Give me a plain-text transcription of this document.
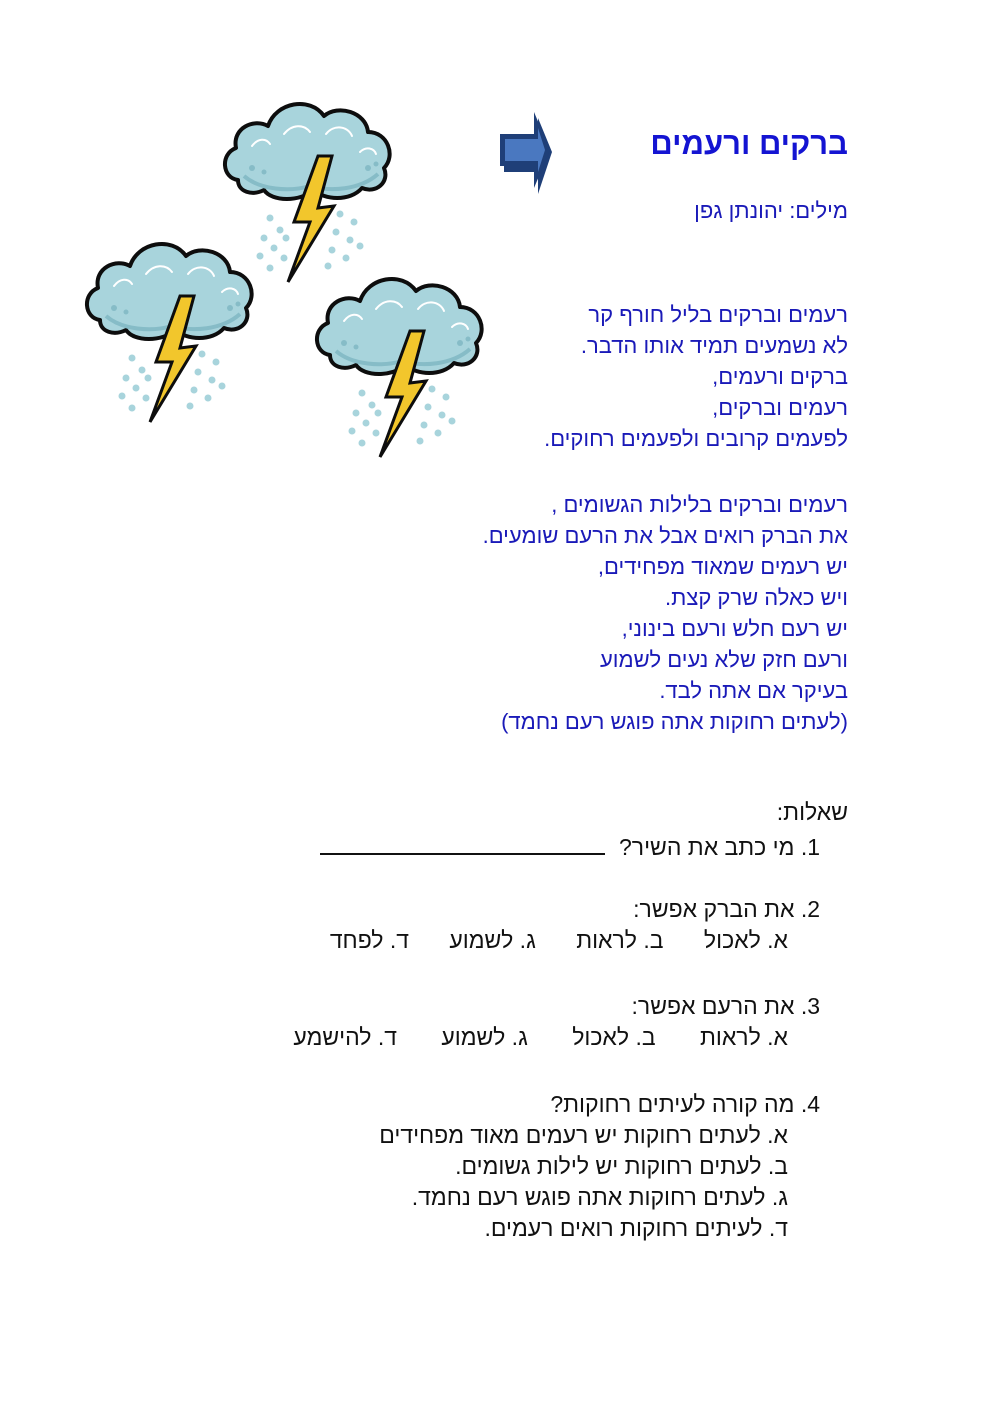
ברקים ורעמים
מילים: יהונתן גפן
רעמים וברקים בליל חורף קר
לא נשמעים תמיד אותו הדבר.
ברקים ורעמים,
רעמים וברקים,
לפעמים קרובים ולפעמים רחוקים.
רעמים וברקים בלילות הגשומים ,
את הברק רואים אבל את הרעם שומעים.
יש רעמים שמאוד מפחידים,
ויש כאלה שרק קצת.
יש רעם חלש ורעם בינוני,
ורעם חזק שלא נעים לשמוע
בעיקר אם אתה לבד.
(לעתים רחוקות אתה פוגש רעם נחמד)
שאלות:
1. מי כתב את השיר?
2. את הברק אפשר:
א. לאכול ב. לראות ג. לשמוע ד. לפחד
3. את הרעם אפשר:
א. לראות ב. לאכול ג. לשמוע ד. להישמע
4. מה קורה לעיתים רחוקות?
א. לעתים רחוקות יש רעמים מאוד מפחידים
ב. לעתים רחוקות יש לילות גשומים.
ג. לעתים רחוקות אתה פוגש רעם נחמד.
ד. לעיתים רחוקות רואים רעמים.
